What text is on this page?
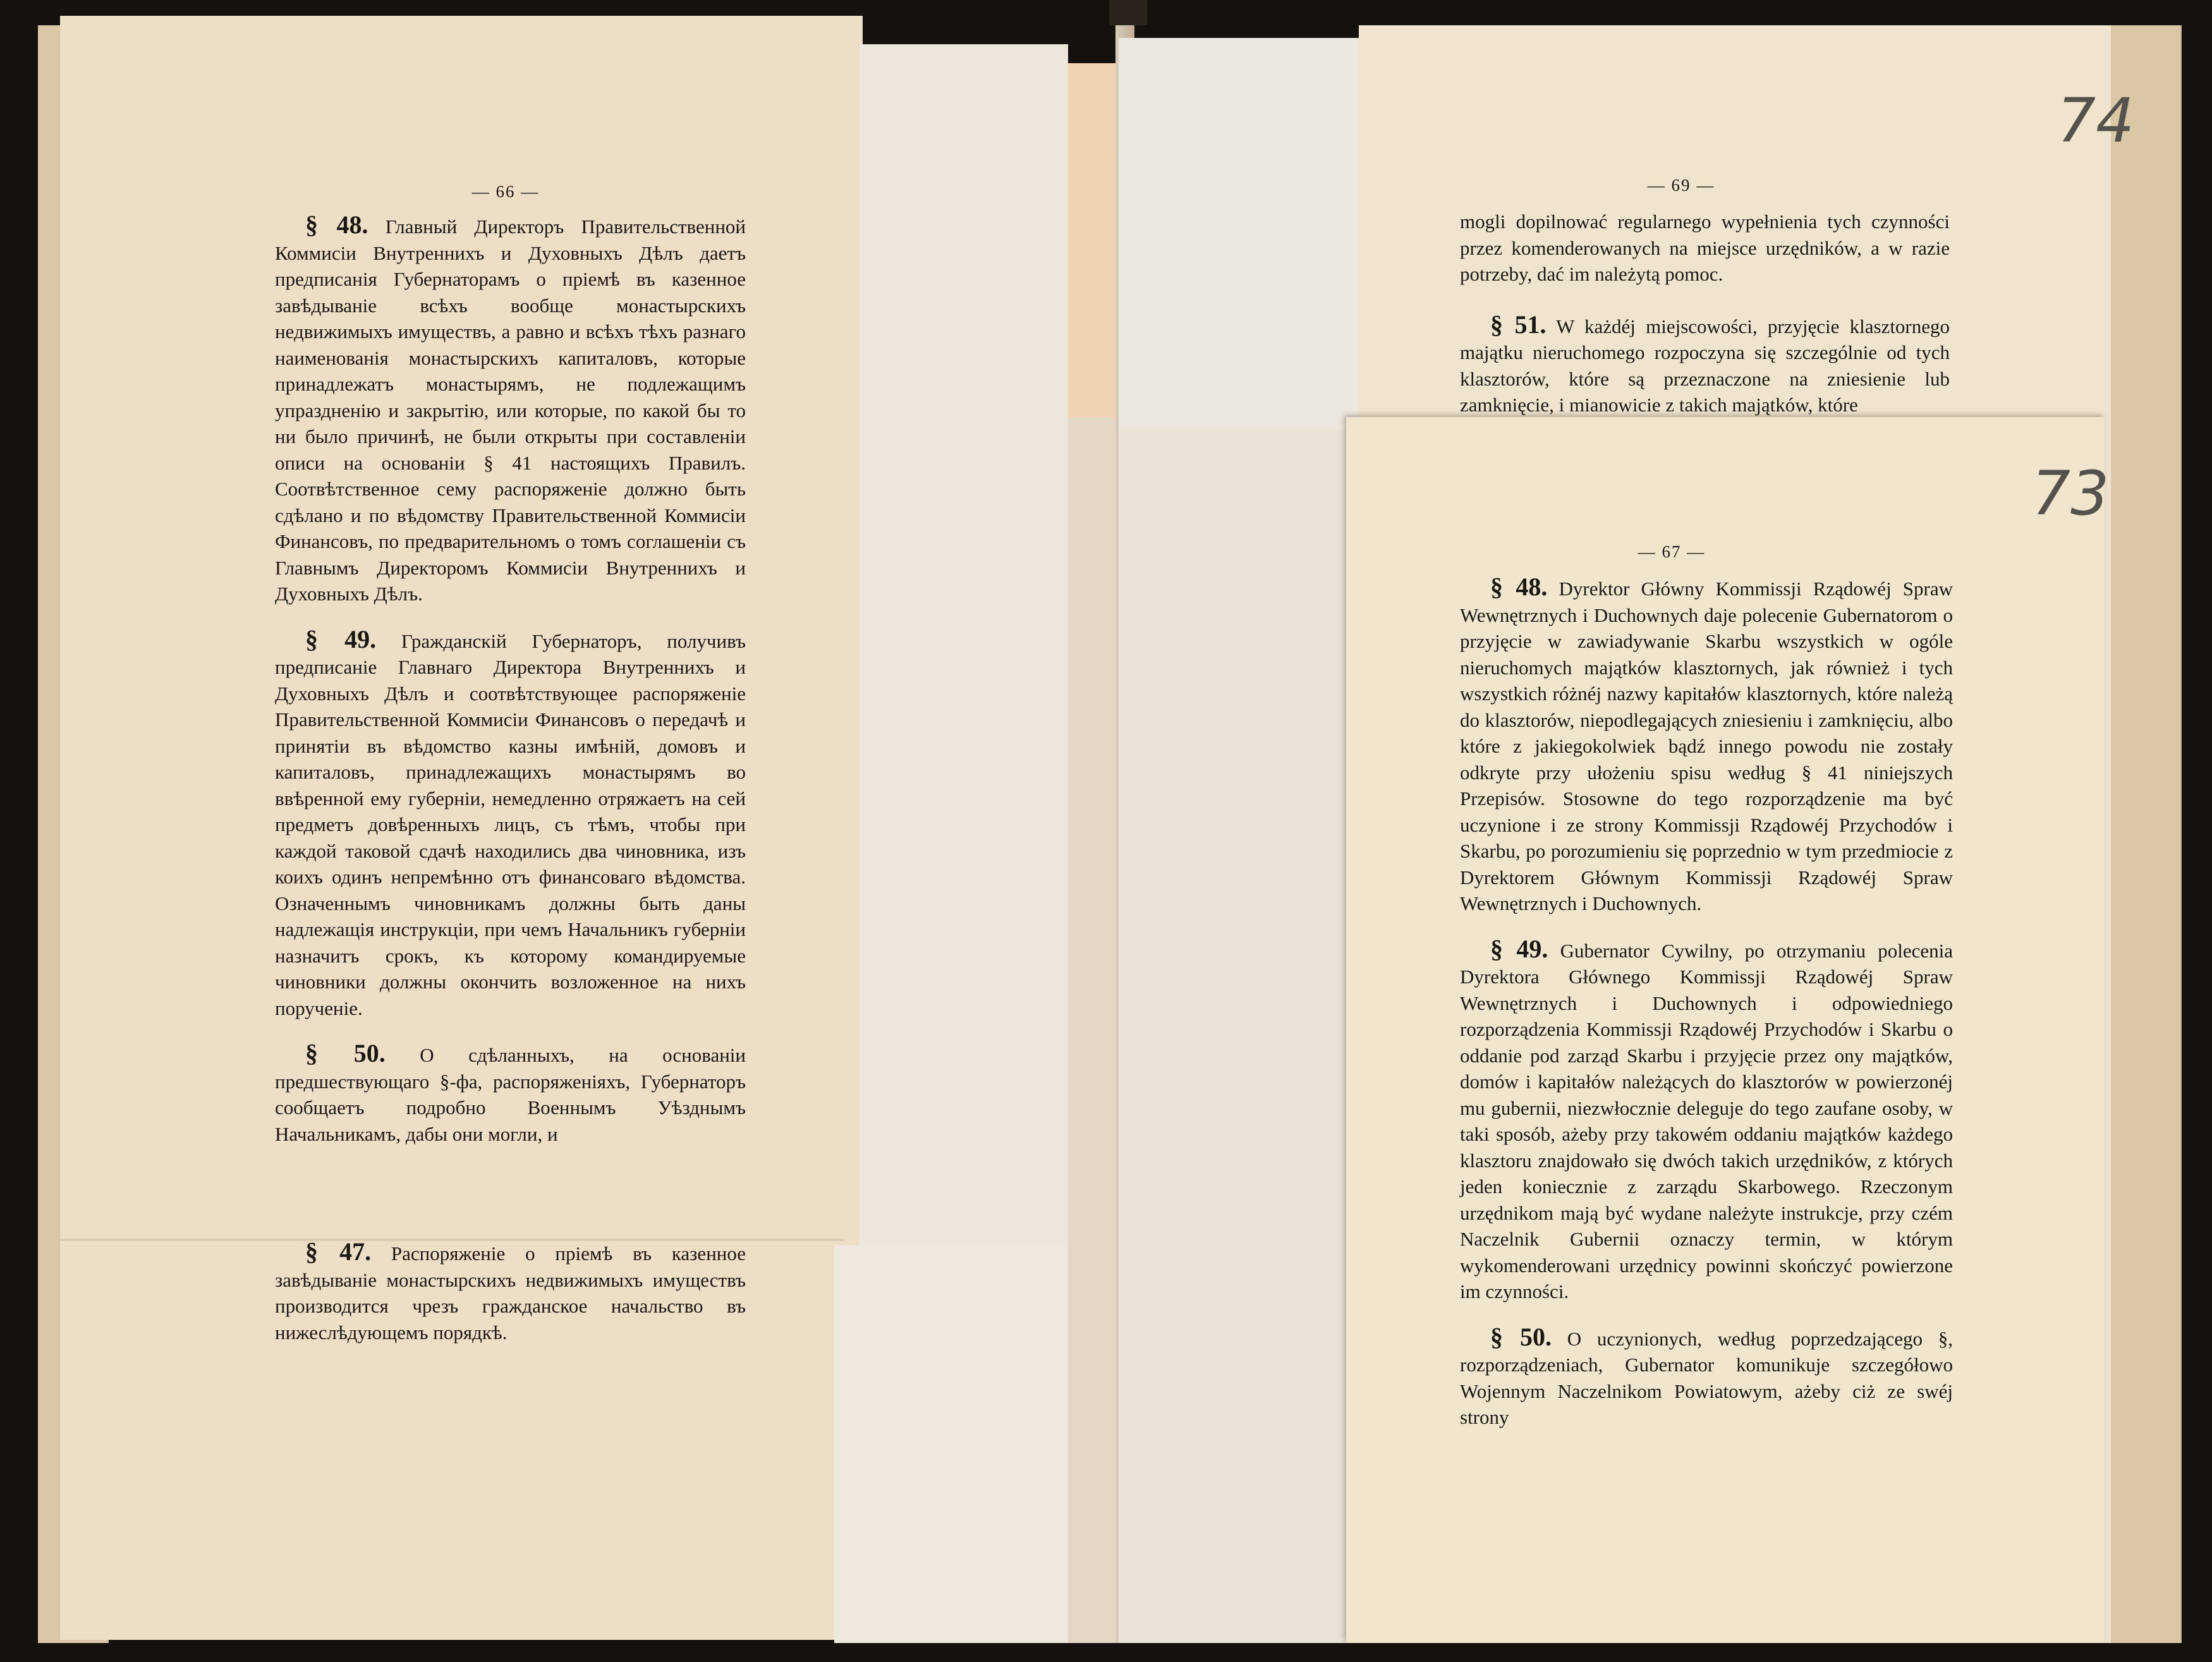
— 66 —

§ 48. Главный Директоръ Правительственной Коммисіи Внутреннихъ и Духовныхъ Дѣлъ даетъ предписанія Губернаторамъ о пріемѣ въ казенное завѣдываніе всѣхъ вообще монастырскихъ недвижимыхъ имуществъ, а равно и всѣхъ тѣхъ разнаго наименованія монастырскихъ капиталовъ, которые принадлежатъ монастырямъ, не подлежащимъ упраздненію и закрытію, или которые, по какой бы то ни было причинѣ, не были открыты при составленіи описи на основаніи § 41 настоящихъ Правилъ. Соотвѣтственное сему распоряженіе должно быть сдѣлано и по вѣдомству Правительственной Коммисіи Финансовъ, по предварительномъ о томъ соглашеніи съ Главнымъ Директоромъ Коммисіи Внутреннихъ и Духовныхъ Дѣлъ.

§ 49. Гражданскій Губернаторъ, получивъ предписаніе Главнаго Директора Внутреннихъ и Духовныхъ Дѣлъ и соотвѣтствующее распоряженіе Правительственной Коммисіи Финансовъ о передачѣ и принятіи въ вѣдомство казны имѣній, домовъ и капиталовъ, принадлежащихъ монастырямъ во ввѣренной ему губерніи, немедленно отряжаетъ на сей предметъ довѣренныхъ лицъ, съ тѣмъ, чтобы при каждой таковой сдачѣ находились два чиновника, изъ коихъ одинъ непремѣнно отъ финансоваго вѣдомства. Означеннымъ чиновникамъ должны быть даны надлежащія инструкціи, при чемъ Начальникъ губерніи назначитъ срокъ, къ которому командируемые чиновники должны окончить возложенное на нихъ порученіе.

§ 50. О сдѣланныхъ, на основаніи предшествующаго §-фа, распоряженіяхъ, Губернаторъ сообщаетъ подробно Военнымъ Уѣзднымъ Начальникамъ, дабы они могли, и

§ 47. Распоряженіе о пріемѣ въ казенное завѣдываніе монастырскихъ недвижимыхъ имуществъ производится чрезъ гражданское начальство въ нижеслѣдующемъ порядкѣ.

— 69 —

mogli dopilnować regularnego wypełnienia tych czynności przez komenderowanych na miejsce urzędników, a w razie potrzeby, dać im należytą pomoc.

§ 51. W każdéj miejscowości, przyjęcie klasztornego majątku nieruchomego rozpoczyna się szczególnie od tych klasztorów, które są przeznaczone na zniesienie lub zamknięcie, i mianowicie z takich majątków, które

74
73
— 67 —

§ 48. Dyrektor Główny Kommissji Rządowéj Spraw Wewnętrznych i Duchownych daje polecenie Gubernatorom o przyjęcie w zawiadywanie Skarbu wszystkich w ogóle nieruchomych majątków klasztornych, jak również i tych wszystkich różnéj nazwy kapitałów klasztornych, które należą do klasztorów, niepodlegających zniesieniu i zamknięciu, albo które z jakiegokolwiek bądź innego powodu nie zostały odkryte przy ułożeniu spisu według § 41 niniejszych Przepisów. Stosowne do tego rozporządzenie ma być uczynione i ze strony Kommissji Rządowéj Przychodów i Skarbu, po porozumieniu się poprzednio w tym przedmiocie z Dyrektorem Głównym Kommissji Rządowéj Spraw Wewnętrznych i Duchownych.

§ 49. Gubernator Cywilny, po otrzymaniu polecenia Dyrektora Głównego Kommissji Rządowéj Spraw Wewnętrznych i Duchownych i odpowiedniego rozporządzenia Kommissji Rządowéj Przychodów i Skarbu o oddanie pod zarząd Skarbu i przyjęcie przez ony majątków, domów i kapitałów należących do klasztorów w powierzonéj mu gubernii, niezwłocznie deleguje do tego zaufane osoby, w taki sposób, ażeby przy takowém oddaniu majątków każdego klasztoru znajdowało się dwóch takich urzędników, z których jeden koniecznie z zarządu Skarbowego. Rzeczonym urzędnikom mają być wydane należyte instrukcje, przy czém Naczelnik Gubernii oznaczy termin, w którym wykomenderowani urzędnicy powinni skończyć powierzone im czynności.

§ 50. O uczynionych, według poprzedzającego §, rozporządzeniach, Gubernator komunikuje szczegółowo Wojennym Naczelnikom Powiatowym, ażeby ciż ze swéj strony
